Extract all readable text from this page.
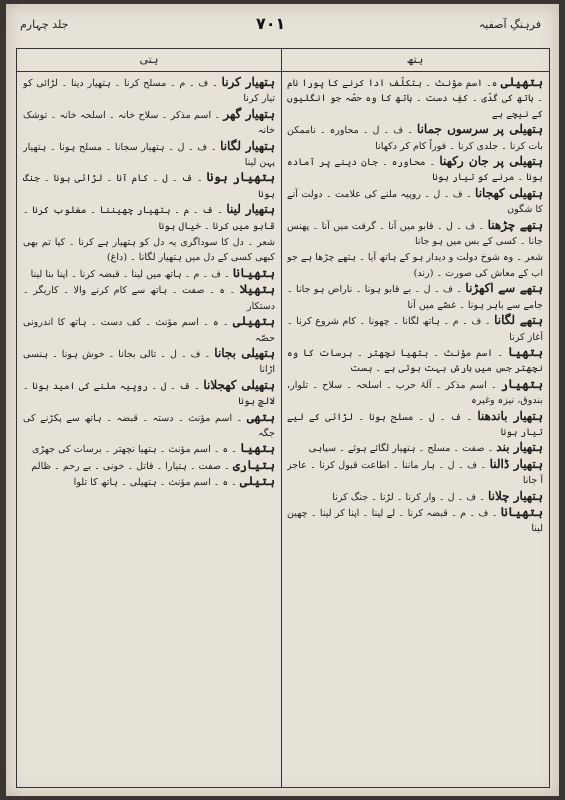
فرہنگِ آصفیہ
۷۰۱
جلد چہارم
ہتھ
ہتی

ہتھیلی ہ۔ اسم مؤنث ۔ بتکلّف ادا کرنے کا پورا نام ۔ ہاتھ کی گدّی ۔ کفِ دست ۔ ہاتھ کا وہ حصّہ جو انگلیوں کے نیچے ہے

ہتھیلی پر سرسوں جمانا ۔ ف ۔ ل ۔ محاورہ ۔ ناممکن بات کرنا ۔ جلدی کرنا ۔ فوراً کام کر دکھانا

ہتھیلی پر جان رکھنا ۔ محاورہ ۔ جان دینے پر آمادہ ہونا ۔ مرنے کو تیار ہونا

ہتھیلی کھجانا ۔ ف ۔ ل ۔ روپیہ ملنے کی علامت ۔ دولت آنے کا شگون

ہتھے چڑھنا ۔ ف ۔ ل ۔ قابو میں آنا ۔ گرفت میں آنا ۔ پھنس جانا ۔ کسی کے بس میں ہو جانا

شعر ۔ وہ شوخ دولت و دیدار ہو کے ہاتھ آیا ۔ ہتھے چڑھا ہے جو اب کے معاش کی صورت ۔ (رند)

ہتھے سے اکھڑنا ۔ ف ۔ ل ۔ بے قابو ہونا ۔ ناراض ہو جانا ۔ جامے سے باہر ہونا ۔ غصّے میں آنا

ہتھے لگانا ۔ ف ۔ م ۔ ہاتھ لگانا ۔ چھونا ۔ کام شروع کرنا ۔ آغاز کرنا

ہتھیا ۔ اسم مؤنث ۔ ہتھیا نچھتر ۔ برسات کا وہ نچھتر جس میں بارش بہت ہوتی ہے ۔ ہست

ہتھیار ۔ اسم مذکر ۔ آلۂ حرب ۔ اسلحہ ۔ سلاح ۔ تلوار، بندوق، نیزہ وغیرہ

ہتھیار باندھنا ۔ ف ۔ ل ۔ مسلح ہونا ۔ لڑائی کے لیے تیار ہونا

ہتھیار بند ۔ صفت ۔ مسلح ۔ ہتھیار لگائے ہوئے ۔ سپاہی

ہتھیار ڈالنا ۔ ف ۔ ل ۔ ہار ماننا ۔ اطاعت قبول کرنا ۔ عاجز آ جانا

ہتھیار چلانا ۔ ف ۔ ل ۔ وار کرنا ۔ لڑنا ۔ جنگ کرنا

ہتھیانا ۔ ف ۔ م ۔ قبضہ کرنا ۔ لے لینا ۔ اپنا کر لینا ۔ چھین لینا

ہتھیار کرنا ۔ ف ۔ م ۔ مسلح کرنا ۔ ہتھیار دینا ۔ لڑائی کو تیار کرنا

ہتھیار گھر ۔ اسم مذکر ۔ سلاح خانہ ۔ اسلحہ خانہ ۔ توشک خانہ

ہتھیار لگانا ۔ ف ۔ ل ۔ ہتھیار سجانا ۔ مسلح ہونا ۔ ہتھیار پہن لینا

ہتھیار ہونا ۔ ف ۔ ل ۔ کام آنا ۔ لڑائی ہونا ۔ جنگ ہونا

ہتھیار لینا ۔ ف ۔ م ۔ ہتھیار چھیننا ۔ مغلوب کرنا ۔ قابو میں کرنا ۔ خیال ہونا

شعر ۔ دل کا سوداگری یہ دل کو ہتھیار ہے کرنا ۔ کیا تم بھی کبھی کسی کے دل میں ہتھیار لگانا ۔ (داغ)

ہتھیانا ۔ ف ۔ م ۔ ہاتھ میں لینا ۔ قبضہ کرنا ۔ اپنا بنا لینا

ہتھیلا ۔ ہ ۔ صفت ۔ ہاتھ سے کام کرنے والا ۔ کاریگر ۔ دستکار

ہتھیلی ۔ ہ ۔ اسم مؤنث ۔ کف دست ۔ ہاتھ کا اندرونی حصّہ

ہتھیلی بجانا ۔ ف ۔ ل ۔ تالی بجانا ۔ خوش ہونا ۔ ہنسی اڑانا

ہتھیلی کھجلانا ۔ ف ۔ ل ۔ روپیہ ملنے کی امید ہونا ۔ لالچ ہونا

ہتھی ۔ اسم مؤنث ۔ دستہ ۔ قبضہ ۔ ہاتھ سے پکڑنے کی جگہ

ہتھیا ۔ ہ ۔ اسم مؤنث ۔ ہتھیا نچھتر ۔ برسات کی جھڑی

ہتیاری ۔ صفت ۔ ہتیارا ۔ قاتل ۔ خونی ۔ بے رحم ۔ ظالم

ہتیلی ۔ ہ ۔ اسم مؤنث ۔ ہتھیلی ۔ ہاتھ کا تلوا
